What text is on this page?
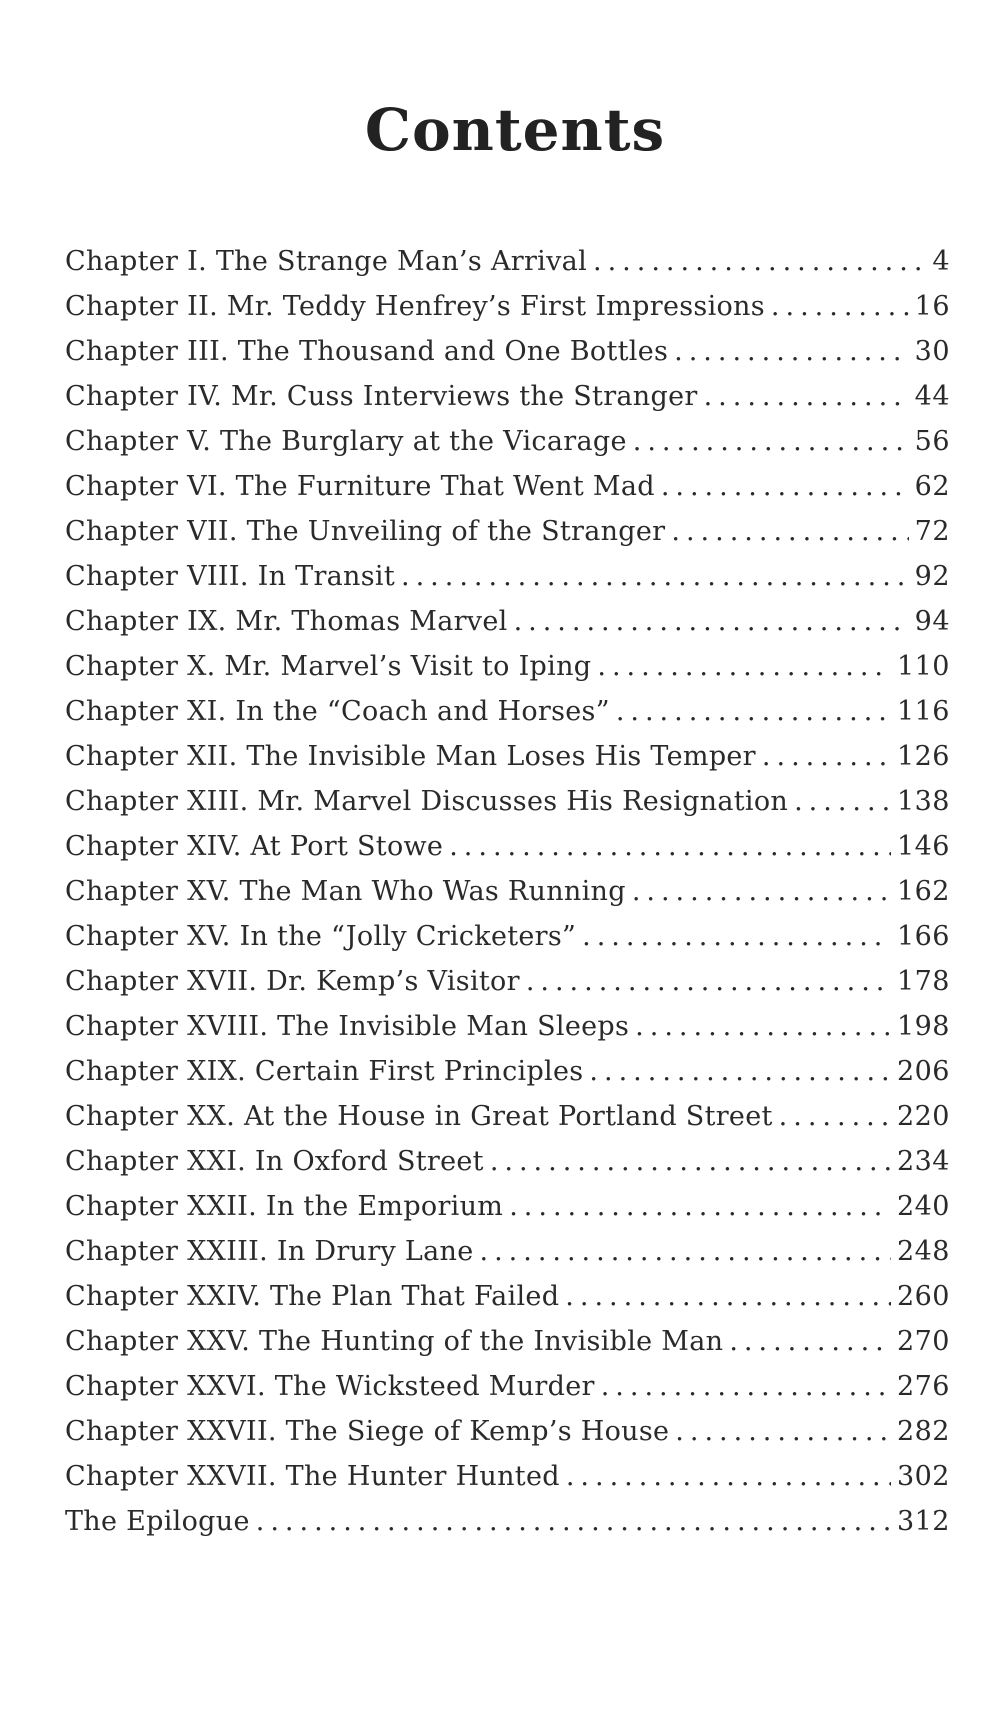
Contents
Chapter I. The Strange Man’s Arrival .....	4
Chapter II. Mr. Teddy Henfrey’s First Impressions .....	16
Chapter III. The Thousand and One Bottles .....	30
Chapter IV. Mr. Cuss Interviews the Stranger .....	44
Chapter V. The Burglary at the Vicarage .....	56
Chapter VI. The Furniture That Went Mad .....	62
Chapter VII. The Unveiling of the Stranger .....	72
Chapter VIII. In Transit .....	92
Chapter IX. Mr. Thomas Marvel .....	94
Chapter X. Mr. Marvel’s Visit to Iping .....	110
Chapter XI. In the “Coach and Horses” .....	116
Chapter XII. The Invisible Man Loses His Temper .....	126
Chapter XIII. Mr. Marvel Discusses His Resignation .....	138
Chapter XIV. At Port Stowe .....	146
Chapter XV. The Man Who Was Running .....	162
Chapter XV. In the “Jolly Cricketers” .....	166
Chapter XVII. Dr. Kemp’s Visitor .....	178
Chapter XVIII. The Invisible Man Sleeps .....	198
Chapter XIX. Certain First Principles .....	206
Chapter XX. At the House in Great Portland Street .....	220
Chapter XXI. In Oxford Street .....	234
Chapter XXII. In the Emporium .....	240
Chapter XXIII. In Drury Lane .....	248
Chapter XXIV. The Plan That Failed .....	260
Chapter XXV. The Hunting of the Invisible Man .....	270
Chapter XXVI. The Wicksteed Murder .....	276
Chapter XXVII. The Siege of Kemp’s House .....	282
Chapter XXVII. The Hunter Hunted .....	302
The Epilogue .....	312
